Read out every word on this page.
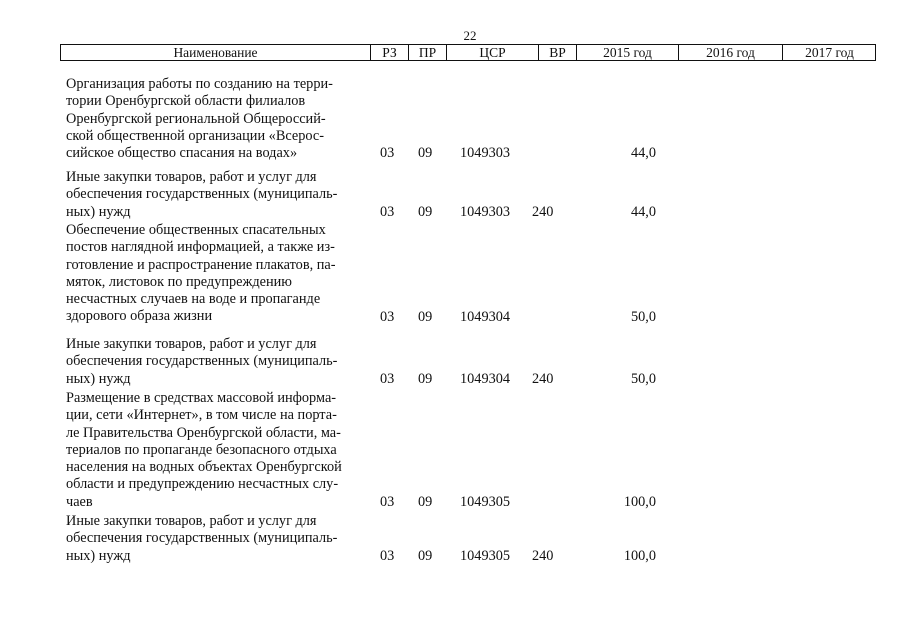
22
Наименование	РЗ	ПР	ЦСР	ВР	2015 год	2016 год	2017 год
Организация работы по созданию на терри-
тории Оренбургской области филиалов
Оренбургской региональной Общероссий-
ской общественной организации «Всерос-
сийское общество спасания на водах»	03 09 1049303	44,0
Иные закупки товаров, работ и услуг для
обеспечения государственных (муниципаль-
ных) нужд	03 09 1049303 240	44,0
Обеспечение общественных спасательных
постов наглядной информацией, а также из-
готовление и распространение плакатов, па-
мяток, листовок по предупреждению
несчастных случаев на воде и пропаганде
здорового образа жизни	03 09 1049304	50,0
Иные закупки товаров, работ и услуг для
обеспечения государственных (муниципаль-
ных) нужд	03 09 1049304 240	50,0
Размещение в средствах массовой информа-
ции, сети «Интернет», в том числе на порта-
ле Правительства Оренбургской области, ма-
териалов по пропаганде безопасного отдыха
населения на водных объектах Оренбургской
области и предупреждению несчастных слу-
чаев	03 09 1049305	100,0
Иные закупки товаров, работ и услуг для
обеспечения государственных (муниципаль-
ных) нужд	03 09 1049305 240	100,0
